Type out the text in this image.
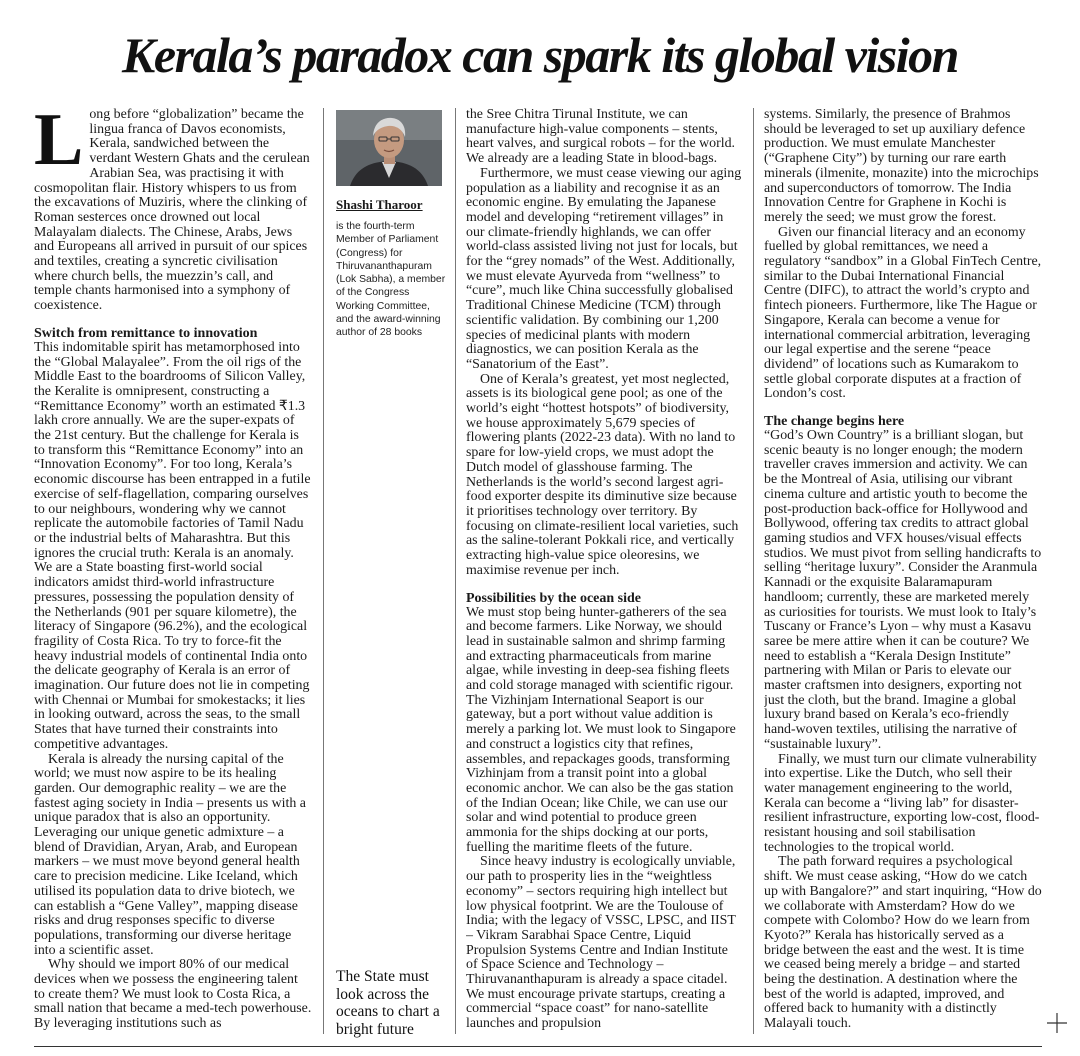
Kerala’s paradox can spark its global vision
L ong before “globalization” became the lingua franca of Davos economists, Kerala, sandwiched between the verdant Western Ghats and the cerulean Arabian Sea, was practising it with cosmopolitan flair. History whispers to us from the excavations of Muziris, where the clinking of Roman sesterces once drowned out local Malayalam dialects. The Chinese, Arabs, Jews and Europeans all arrived in pursuit of our spices and textiles, creating a syncretic civilisation where church bells, the muezzin’s call, and temple chants harmonised into a symphony of coexistence.

Switch from remittance to innovation

This indomitable spirit has metamorphosed into the “Global Malayalee”. From the oil rigs of the Middle East to the boardrooms of Silicon Valley, the Keralite is omnipresent, constructing a “Remittance Economy” worth an estimated ₹1.3 lakh crore annually. We are the super-expats of the 21st century. But the challenge for Kerala is to transform this “Remittance Economy” into an “Innovation Economy”. For too long, Kerala’s economic discourse has been entrapped in a futile exercise of self-flagellation, comparing ourselves to our neighbours, wondering why we cannot replicate the automobile factories of Tamil Nadu or the industrial belts of Maharashtra. But this ignores the crucial truth: Kerala is an anomaly. We are a State boasting first-world social indicators amidst third-world infrastructure pressures, possessing the population density of the Netherlands (901 per square kilometre), the literacy of Singapore (96.2%), and the ecological fragility of Costa Rica. To try to force-fit the heavy industrial models of continental India onto the delicate geography of Kerala is an error of imagination. Our future does not lie in competing with Chennai or Mumbai for smokestacks; it lies in looking outward, across the seas, to the small States that have turned their constraints into competitive advantages.

Kerala is already the nursing capital of the world; we must now aspire to be its healing garden. Our demographic reality – we are the fastest aging society in India – presents us with a unique paradox that is also an opportunity. Leveraging our unique genetic admixture – a blend of Dravidian, Aryan, Arab, and European markers – we must move beyond general health care to precision medicine. Like Iceland, which utilised its population data to drive biotech, we can establish a “Gene Valley”, mapping disease risks and drug responses specific to diverse populations, transforming our diverse heritage into a scientific asset.

Why should we import 80% of our medical devices when we possess the engineering talent to create them? We must look to Costa Rica, a small nation that became a med-tech powerhouse. By leveraging institutions such as

Shashi Tharoor

is the fourth-term Member of Parliament (Congress) for Thiruvananthapuram (Lok Sabha), a member of the Congress Working Committee, and the award-winning author of 28 books

The State must look across the oceans to chart a bright future

the Sree Chitra Tirunal Institute, we can manufacture high-value components – stents, heart valves, and surgical robots – for the world. We already are a leading State in blood-bags.

Furthermore, we must cease viewing our aging population as a liability and recognise it as an economic engine. By emulating the Japanese model and developing “retirement villages” in our climate-friendly highlands, we can offer world-class assisted living not just for locals, but for the “grey nomads” of the West. Additionally, we must elevate Ayurveda from “wellness” to “cure”, much like China successfully globalised Traditional Chinese Medicine (TCM) through scientific validation. By combining our 1,200 species of medicinal plants with modern diagnostics, we can position Kerala as the “Sanatorium of the East”.

One of Kerala’s greatest, yet most neglected, assets is its biological gene pool; as one of the world’s eight “hottest hotspots” of biodiversity, we house approximately 5,679 species of flowering plants (2022-23 data). With no land to spare for low-yield crops, we must adopt the Dutch model of glasshouse farming. The Netherlands is the world’s second largest agri-food exporter despite its diminutive size because it prioritises technology over territory. By focusing on climate-resilient local varieties, such as the saline-tolerant Pokkali rice, and vertically extracting high-value spice oleoresins, we maximise revenue per inch.

Possibilities by the ocean side

We must stop being hunter-gatherers of the sea and become farmers. Like Norway, we should lead in sustainable salmon and shrimp farming and extracting pharmaceuticals from marine algae, while investing in deep-sea fishing fleets and cold storage managed with scientific rigour. The Vizhinjam International Seaport is our gateway, but a port without value addition is merely a parking lot. We must look to Singapore and construct a logistics city that refines, assembles, and repackages goods, transforming Vizhinjam from a transit point into a global economic anchor. We can also be the gas station of the Indian Ocean; like Chile, we can use our solar and wind potential to produce green ammonia for the ships docking at our ports, fuelling the maritime fleets of the future.

Since heavy industry is ecologically unviable, our path to prosperity lies in the “weightless economy” – sectors requiring high intellect but low physical footprint. We are the Toulouse of India; with the legacy of VSSC, LPSC, and IIST – Vikram Sarabhai Space Centre, Liquid Propulsion Systems Centre and Indian Institute of Space Science and Technology – Thiruvananthapuram is already a space citadel. We must encourage private startups, creating a commercial “space coast” for nano-satellite launches and propulsion

systems. Similarly, the presence of Brahmos should be leveraged to set up auxiliary defence production. We must emulate Manchester (“Graphene City”) by turning our rare earth minerals (ilmenite, monazite) into the microchips and superconductors of tomorrow. The India Innovation Centre for Graphene in Kochi is merely the seed; we must grow the forest.

Given our financial literacy and an economy fuelled by global remittances, we need a regulatory “sandbox” in a Global FinTech Centre, similar to the Dubai International Financial Centre (DIFC), to attract the world’s crypto and fintech pioneers. Furthermore, like The Hague or Singapore, Kerala can become a venue for international commercial arbitration, leveraging our legal expertise and the serene “peace dividend” of locations such as Kumarakom to settle global corporate disputes at a fraction of London’s cost.

The change begins here

“God’s Own Country” is a brilliant slogan, but scenic beauty is no longer enough; the modern traveller craves immersion and activity. We can be the Montreal of Asia, utilising our vibrant cinema culture and artistic youth to become the post-production back-office for Hollywood and Bollywood, offering tax credits to attract global gaming studios and VFX houses/visual effects studios. We must pivot from selling handicrafts to selling “heritage luxury”. Consider the Aranmula Kannadi or the exquisite Balaramapuram handloom; currently, these are marketed merely as curiosities for tourists. We must look to Italy’s Tuscany or France’s Lyon – why must a Kasavu saree be mere attire when it can be couture? We need to establish a “Kerala Design Institute” partnering with Milan or Paris to elevate our master craftsmen into designers, exporting not just the cloth, but the brand. Imagine a global luxury brand based on Kerala’s eco-friendly hand-woven textiles, utilising the narrative of “sustainable luxury”.

Finally, we must turn our climate vulnerability into expertise. Like the Dutch, who sell their water management engineering to the world, Kerala can become a “living lab” for disaster-resilient infrastructure, exporting low-cost, flood-resistant housing and soil stabilisation technologies to the tropical world.

The path forward requires a psychological shift. We must cease asking, “How do we catch up with Bangalore?” and start inquiring, “How do we collaborate with Amsterdam? How do we compete with Colombo? How do we learn from Kyoto?” Kerala has historically served as a bridge between the east and the west. It is time we ceased being merely a bridge – and started being the destination. A destination where the best of the world is adapted, improved, and offered back to humanity with a distinctly Malayali touch.
